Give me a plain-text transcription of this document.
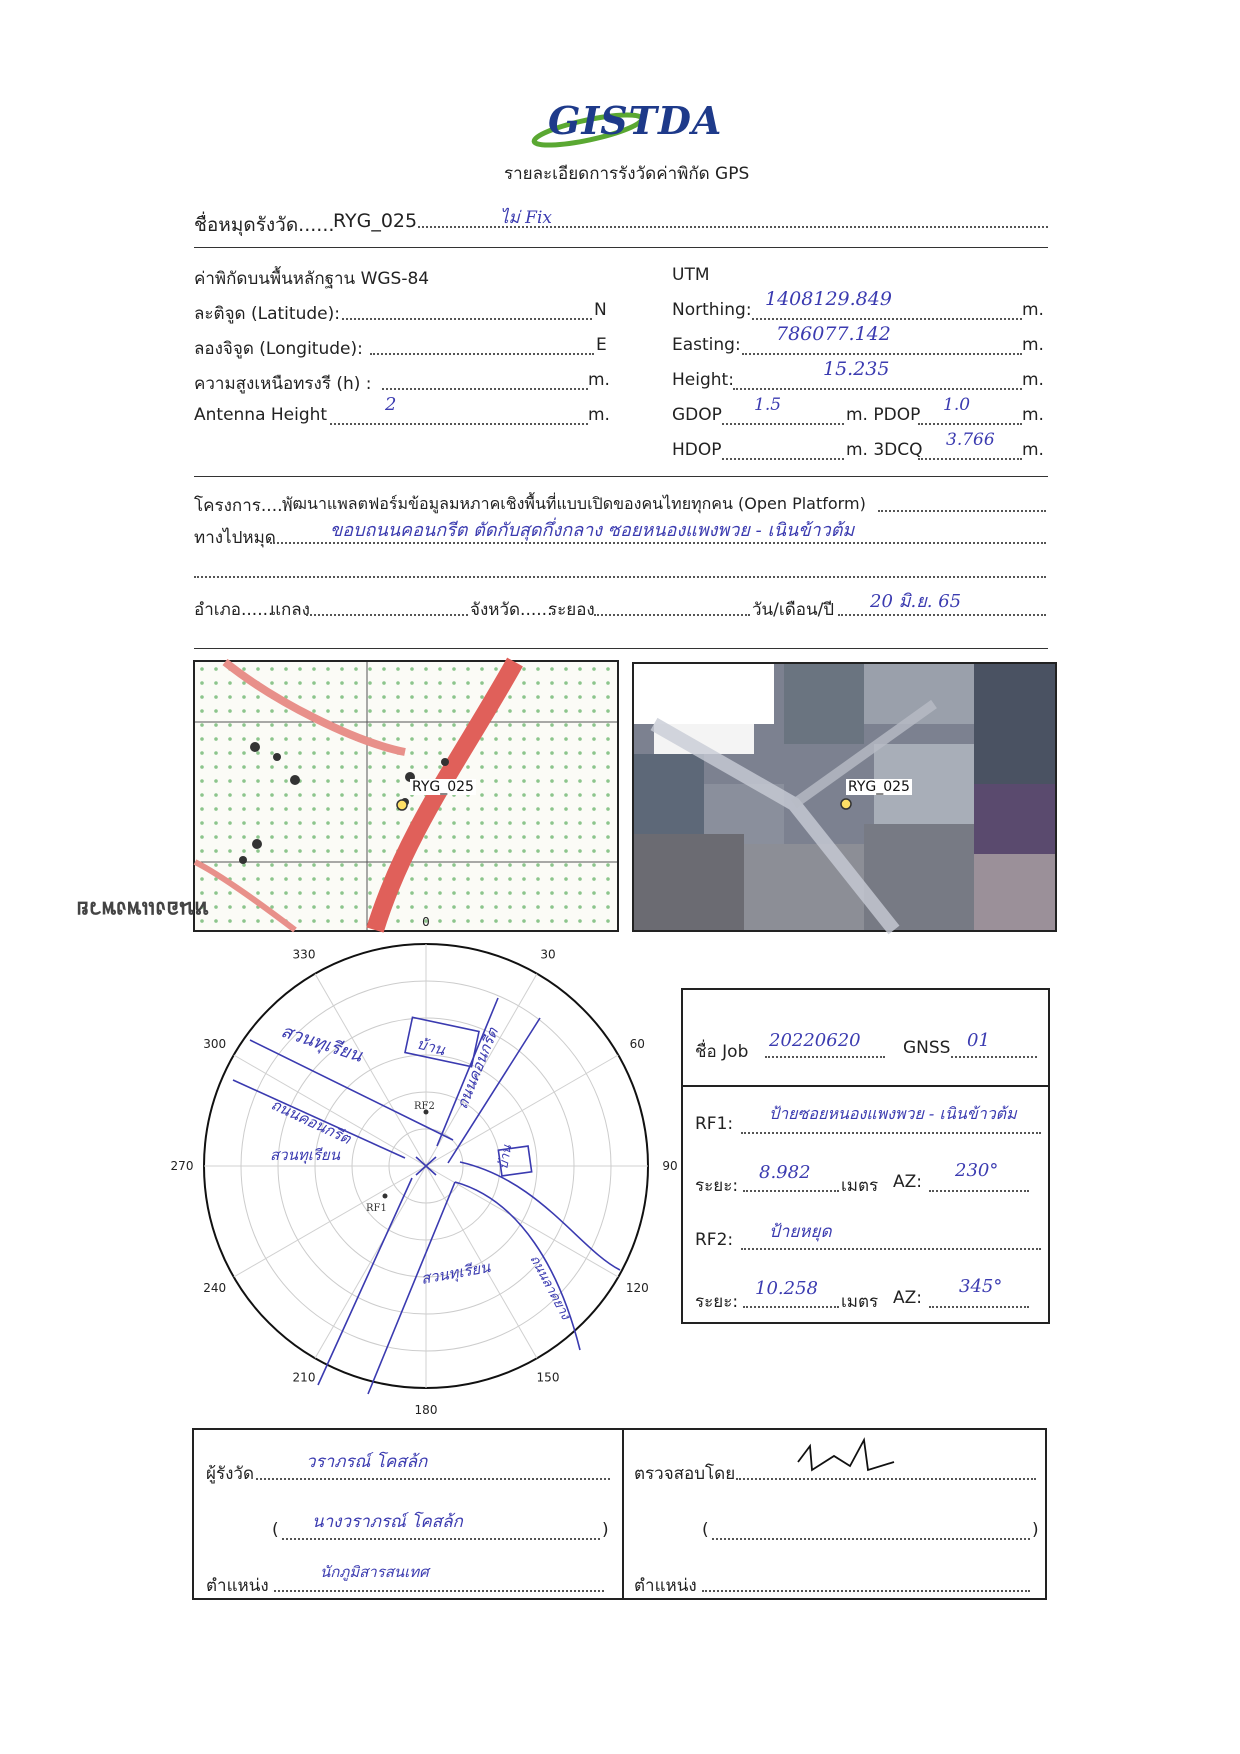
GISTDA
รายละเอียดการรังวัดค่าพิกัด GPS
ชื่อหมุดรังวัด......
RYG_025	ไม่ Fix
ค่าพิกัดบนพื้นหลักฐาน WGS-84
ละติจูด (Latitude):	N
ลองจิจูด (Longitude):	E
ความสูงเหนือทรงรี (h) :	m.
Antenna Height	2	m.
UTM
Northing: 1408129.849	m.
Easting: 786077.142	m.
Height:	15.235	m.
GDOP 1.5	m. PDOP 1.0	m.
HDOP	m. 3DCQ 3.766 m.
โครงการ......
พัฒนาแพลตฟอร์มข้อมูลมหภาคเชิงพื้นที่แบบเปิดของคนไทยทุกคน (Open Platform)
ทางไปหมุด	ขอบถนนคอนกรีต ตัดกับสุดกึ่งกลาง ซอยหนองแพงพวย - เนินข้าวต้ม
อำเภอ......
แกลง	จังหวัด......
ระยอง	วัน/เดือน/ปี 20 มิ.ย. 65
หนองแพงพวย
RYG_025	RYG_025
0
30
60
90
120
150
180
210
240
270
300
330
สวนทุเรียน	บ้าน ถนนคอนกรีต
ถนนคอนกรีต
สวนทุเรียน	บ้าน
สวนทุเรียน	ถนนลาดยาง
RF2
RF1
ชื่อ Job
20220620 GNSS 01
RF1:
ป้ายซอยหนองแพงพวย - เนินข้าวต้ม
ระยะ:
8.982
เมตร AZ:
230°
RF2: ป้ายหยุด
ระยะ:
10.258
เมตร AZ:
345°
ผู้รังวัด
วราภรณ์ โคสล้ก
( นางวราภรณ์ โคสล้ก	)
ตำแหน่ง
นักภูมิสารสนเทศ
ตรวจสอบโดย
(	)
ตำแหน่ง
